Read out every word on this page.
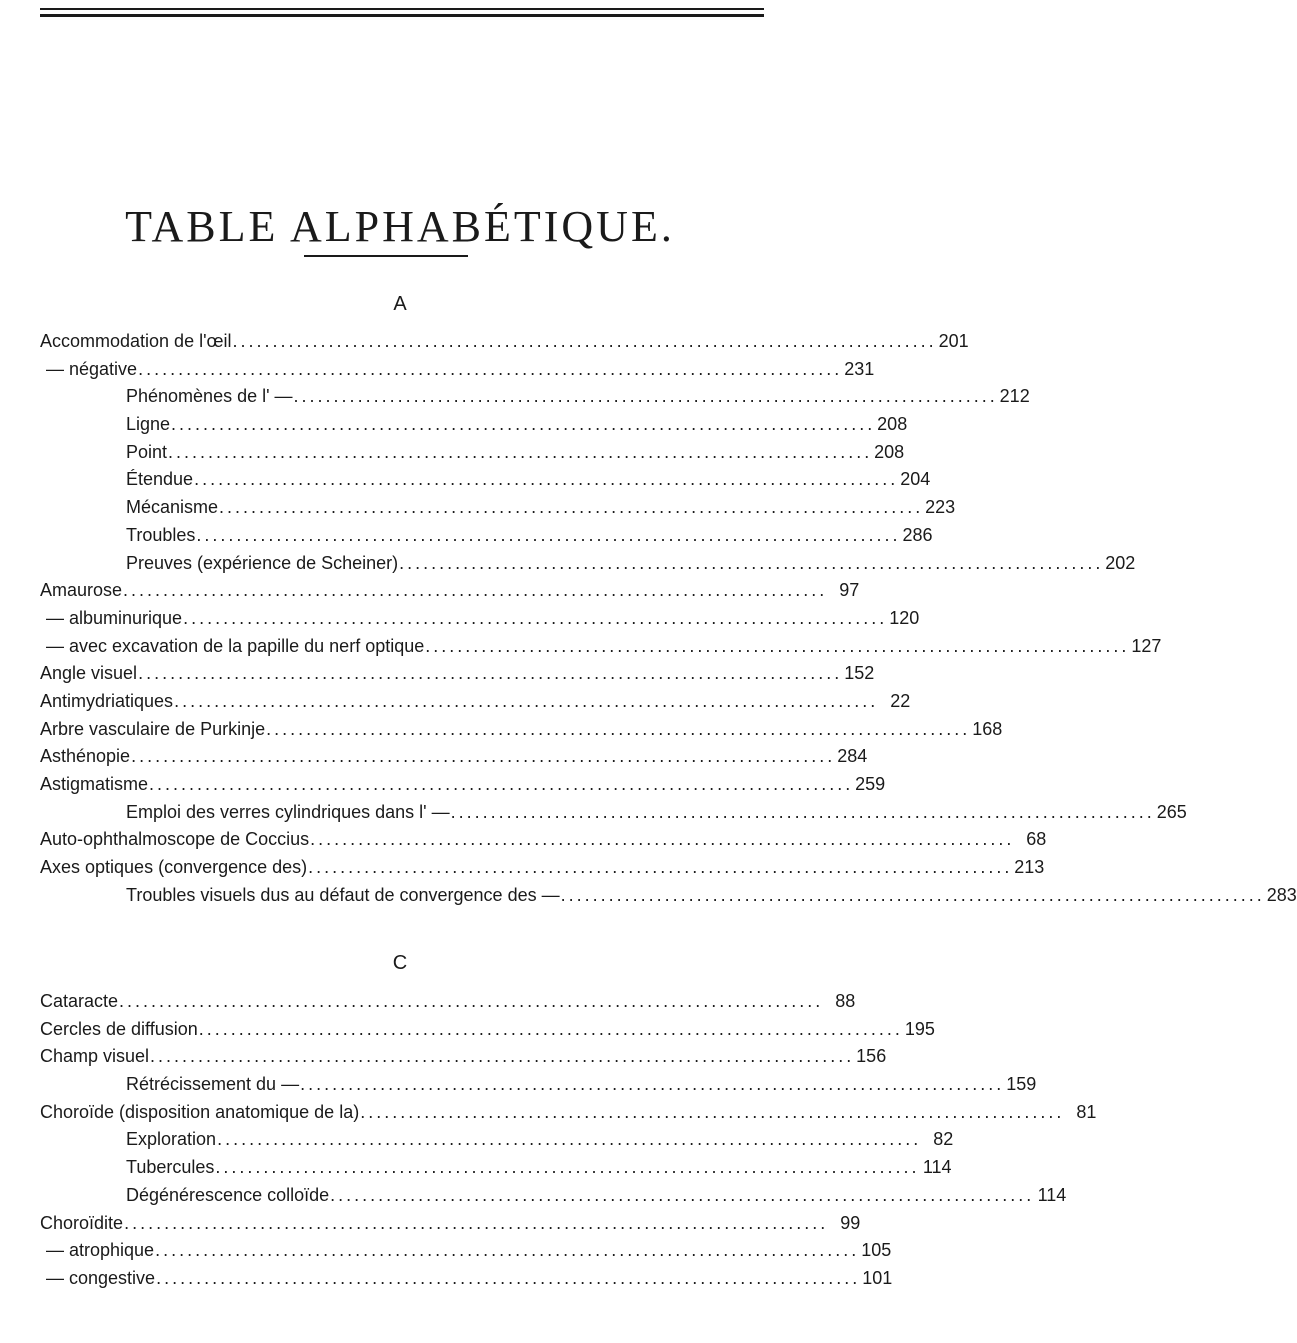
TABLE ALPHABÉTIQUE.
A
Accommodation de l'œil . . .	201
— négative . . .	231
Phénomènes de l' — . . .	212
Ligne . . .	208
Point . . .	208
Étendue . . .	204
Mécanisme . . .	223
Troubles . . .	286
Preuves (expérience de Scheiner) . . .	202
Amaurose . . .	97
— albuminurique . . .	120
— avec excavation de la papille du nerf optique . . .	127
Angle visuel . . .	152
Antimydriatiques . . .	22
Arbre vasculaire de Purkinje . . .	168
Asthénopie . . .	284
Astigmatisme . . .	259
Emploi des verres cylindriques dans l' — . . .	265
Auto-ophthalmoscope de Coccius . . .	68
Axes optiques (convergence des) . . .	213
Troubles visuels dus au défaut de convergence des — . . .	283
C
Cataracte . . .	88
Cercles de diffusion . . .	195
Champ visuel . . .	156
Rétrécissement du — . . .	159
Choroïde (disposition anatomique de la) . . .	81
Exploration . . .	82
Tubercules . . .	114
Dégénérescence colloïde . . .	114
Choroïdite . . .	99
— atrophique . . .	105
— congestive . . .	101
